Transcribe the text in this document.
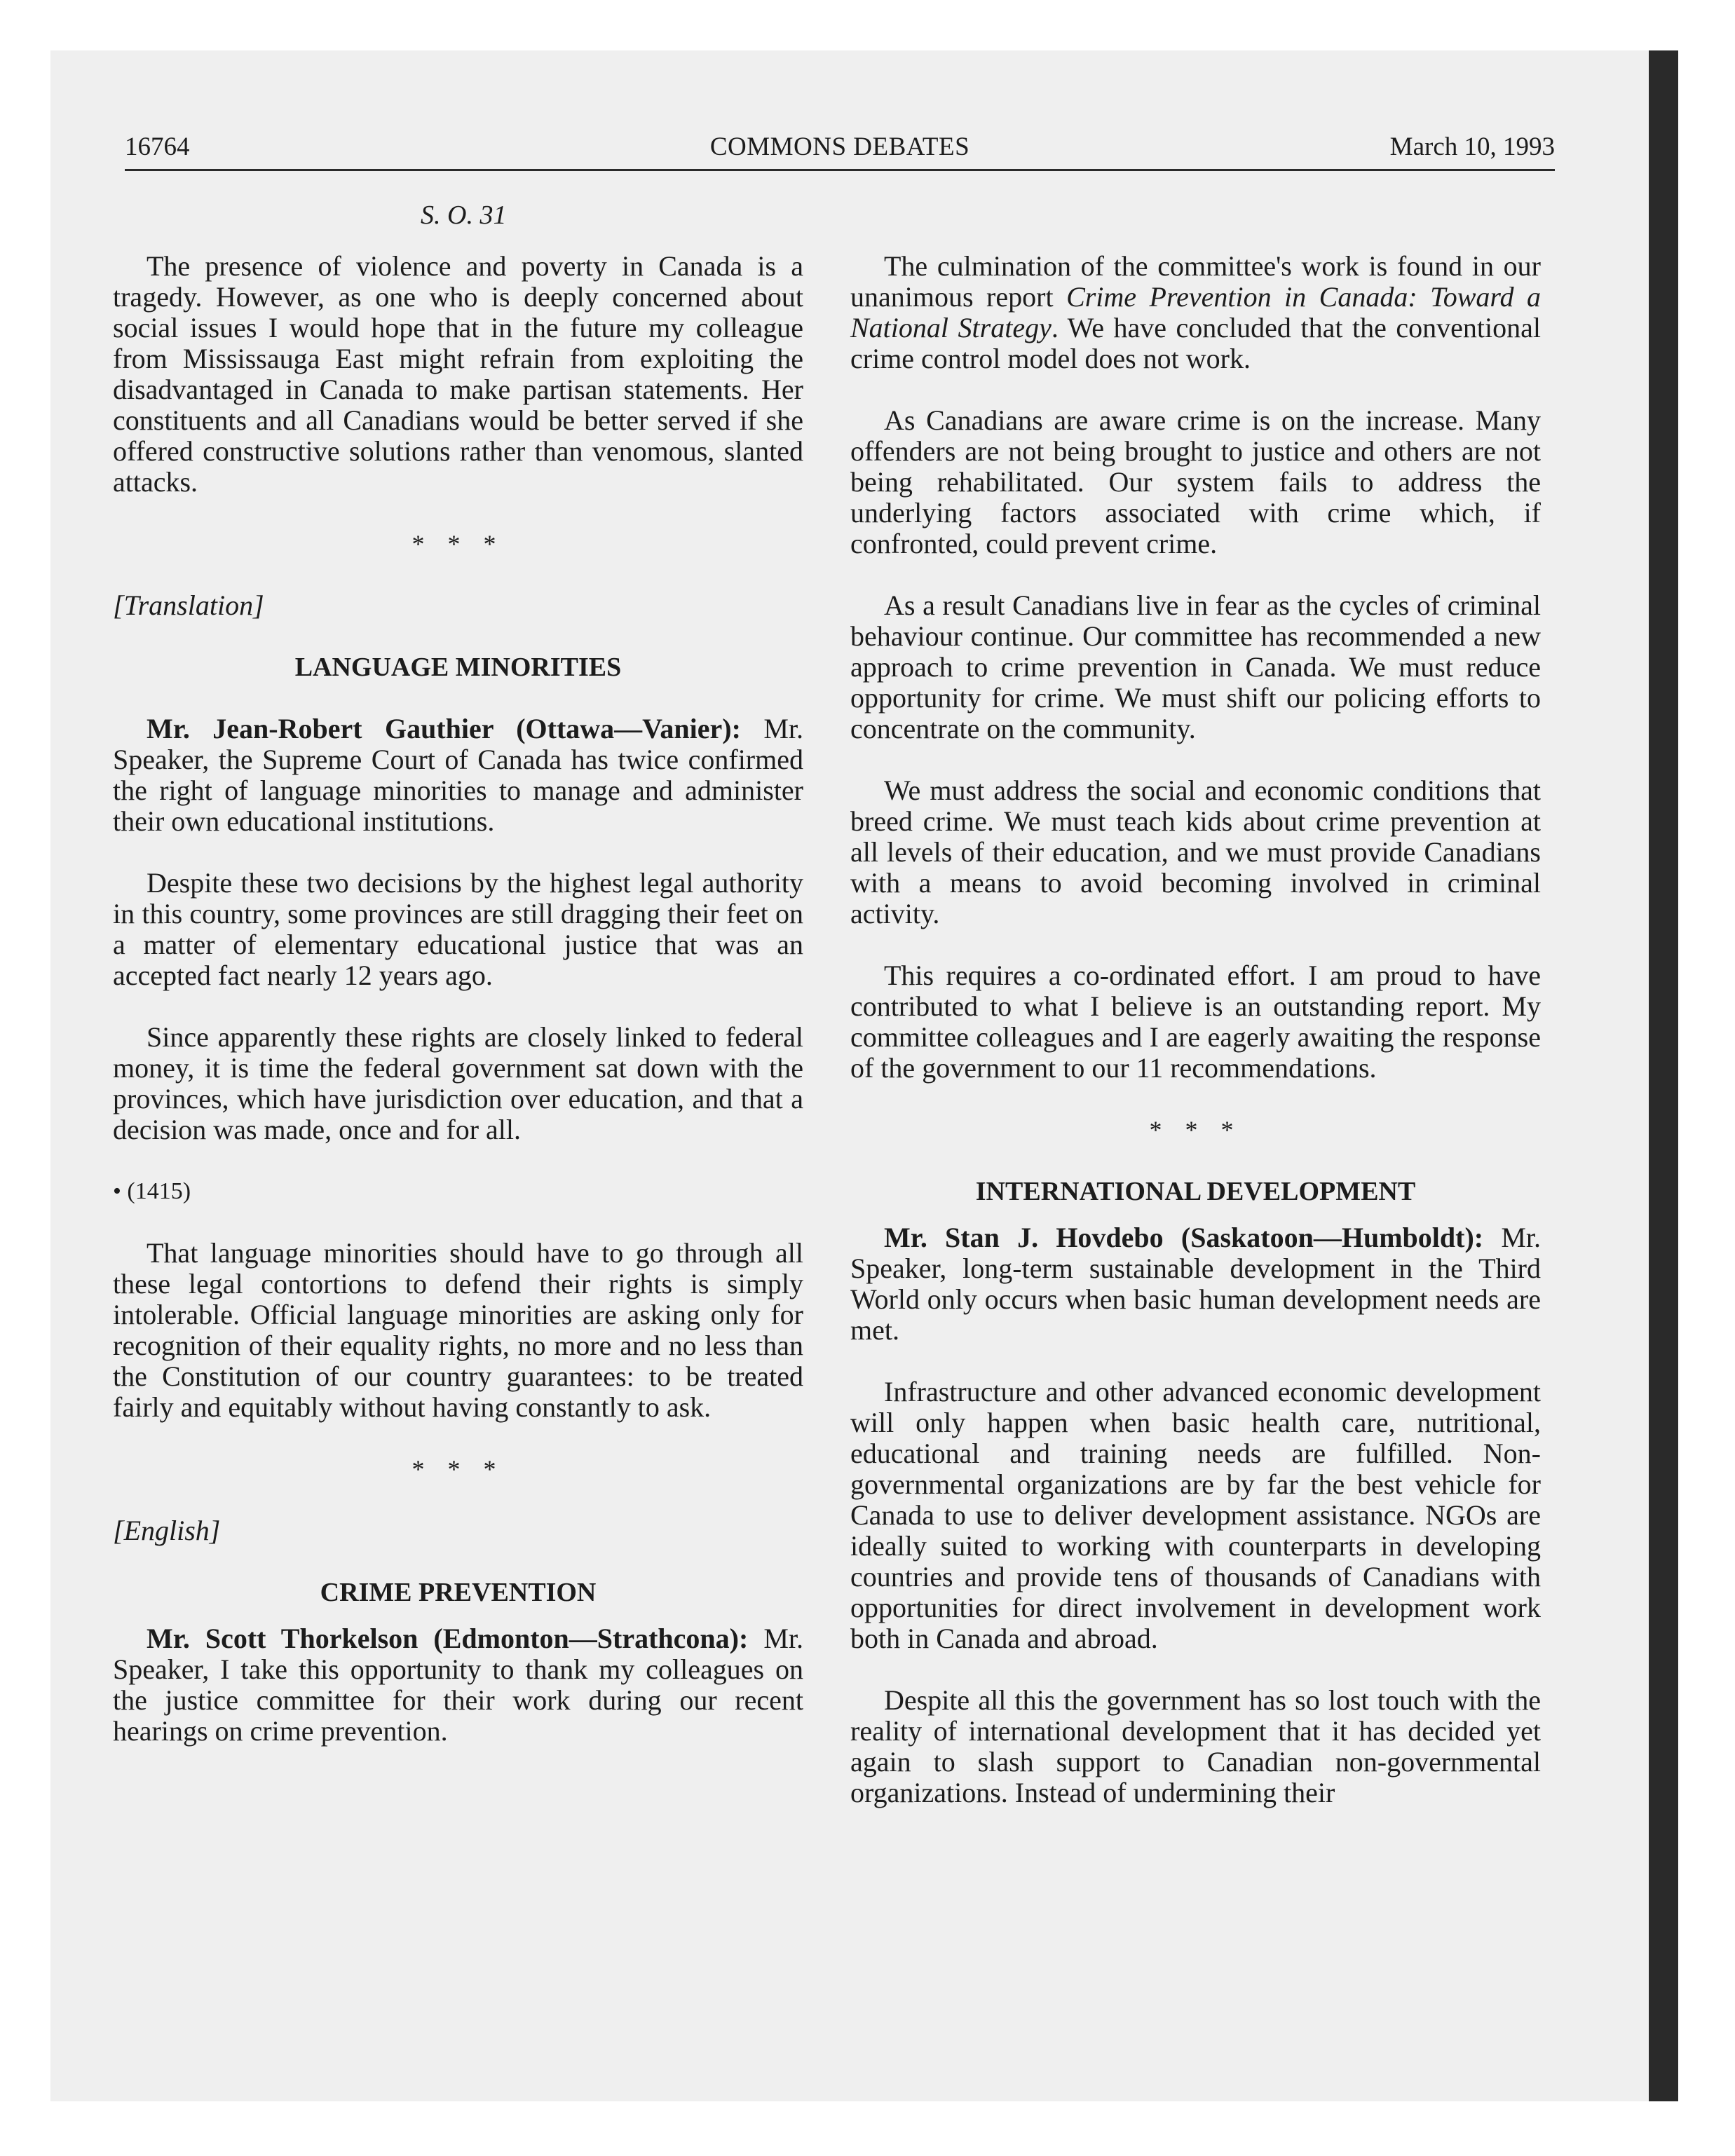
16764	COMMONS DEBATES	March 10, 1993
S. O. 31

The presence of violence and poverty in Canada is a tragedy. However, as one who is deeply concerned about social issues I would hope that in the future my colleague from Mississauga East might refrain from exploiting the disadvantaged in Canada to make partisan statements. Her constituents and all Canadians would be better served if she offered constructive solutions rather than venomous, slanted attacks.

* * *
[Translation]
LANGUAGE MINORITIES

Mr. Jean-Robert Gauthier (Ottawa—Vanier): Mr. Speaker, the Supreme Court of Canada has twice confirmed the right of language minorities to manage and administer their own educational institutions.

Despite these two decisions by the highest legal authority in this country, some provinces are still dragging their feet on a matter of elementary educational justice that was an accepted fact nearly 12 years ago.

Since apparently these rights are closely linked to federal money, it is time the federal government sat down with the provinces, which have jurisdiction over education, and that a decision was made, once and for all.

• (1415)

That language minorities should have to go through all these legal contortions to defend their rights is simply intolerable. Official language minorities are asking only for recognition of their equality rights, no more and no less than the Constitution of our country guarantees: to be treated fairly and equitably without having constantly to ask.

* * *
[English]
CRIME PREVENTION

Mr. Scott Thorkelson (Edmonton—Strathcona): Mr. Speaker, I take this opportunity to thank my colleagues on the justice committee for their work during our recent hearings on crime prevention.

The culmination of the committee's work is found in our unanimous report Crime Prevention in Canada: Toward a National Strategy. We have concluded that the conventional crime control model does not work.

As Canadians are aware crime is on the increase. Many offenders are not being brought to justice and others are not being rehabilitated. Our system fails to address the underlying factors associated with crime which, if confronted, could prevent crime.

As a result Canadians live in fear as the cycles of criminal behaviour continue. Our committee has recommended a new approach to crime prevention in Canada. We must reduce opportunity for crime. We must shift our policing efforts to concentrate on the community.

We must address the social and economic conditions that breed crime. We must teach kids about crime prevention at all levels of their education, and we must provide Canadians with a means to avoid becoming involved in criminal activity.

This requires a co-ordinated effort. I am proud to have contributed to what I believe is an outstanding report. My committee colleagues and I are eagerly awaiting the response of the government to our 11 recommendations.

* * *
INTERNATIONAL DEVELOPMENT

Mr. Stan J. Hovdebo (Saskatoon—Humboldt): Mr. Speaker, long-term sustainable development in the Third World only occurs when basic human development needs are met.

Infrastructure and other advanced economic development will only happen when basic health care, nutritional, educational and training needs are fulfilled. Non-governmental organizations are by far the best vehicle for Canada to use to deliver development assistance. NGOs are ideally suited to working with counterparts in developing countries and provide tens of thousands of Canadians with opportunities for direct involvement in development work both in Canada and abroad.

Despite all this the government has so lost touch with the reality of international development that it has decided yet again to slash support to Canadian non-governmental organizations. Instead of undermining their
